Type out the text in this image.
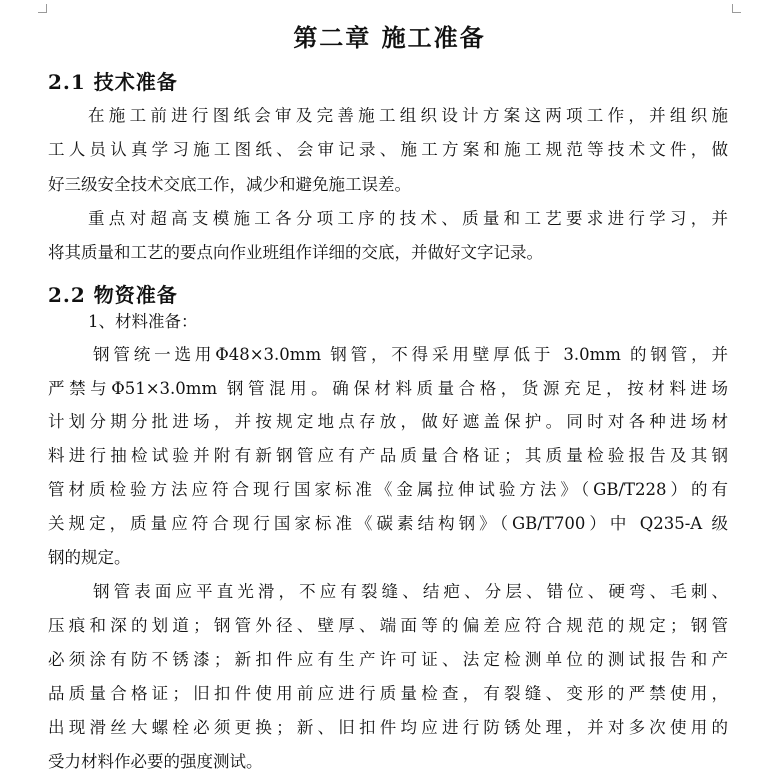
第二章 施工准备
2.1 技术准备
在施工前进行图纸会审及完善施工组织设计方案这两项工作，并组织施
工人员认真学习施工图纸、会审记录、施工方案和施工规范等技术文件，做
好三级安全技术交底工作，减少和避免施工误差。
重点对超高支模施工各分项工序的技术、质量和工艺要求进行学习，并
将其质量和工艺的要点向作业班组作详细的交底，并做好文字记录。
2.2 物资准备
1、材料准备：
钢管统一选用Φ48×3.0mm 钢管，不得采用壁厚低于 3.0mm 的钢管，并
严禁与Φ51×3.0mm 钢管混用。确保材料质量合格，货源充足，按材料进场
计划分期分批进场，并按规定地点存放，做好遮盖保护。同时对各种进场材
料进行抽检试验并附有新钢管应有产品质量合格证；其质量检验报告及其钢
管材质检验方法应符合现行国家标准《金属拉伸试验方法》（GB/T228）的有
关规定，质量应符合现行国家标准《碳素结构钢》（GB/T700）中 Q235-A 级
钢的规定。
钢管表面应平直光滑，不应有裂缝、结疤、分层、错位、硬弯、毛刺、
压痕和深的划道；钢管外径、壁厚、端面等的偏差应符合规范的规定；钢管
必须涂有防不锈漆；新扣件应有生产许可证、法定检测单位的测试报告和产
品质量合格证；旧扣件使用前应进行质量检查，有裂缝、变形的严禁使用，
出现滑丝大螺栓必须更换；新、旧扣件均应进行防锈处理，并对多次使用的
受力材料作必要的强度测试。
